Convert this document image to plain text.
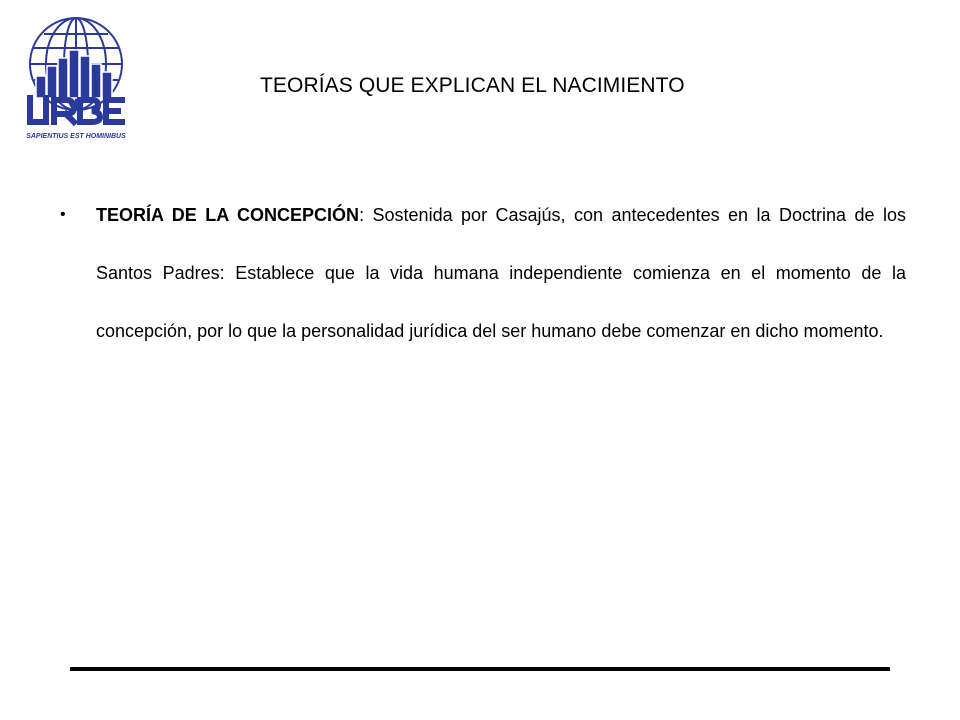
SAPIENTIUS EST HOMINIBUS
TEORÍAS QUE EXPLICAN EL NACIMIENTO
• TEORÍA DE LA CONCEPCIÓN: Sostenida por Casajús, con antecedentes en la Doctrina de los Santos Padres: Establece que la vida humana independiente comienza en el momento de la concepción, por lo que la personalidad jurídica del ser humano debe comenzar en dicho momento.
